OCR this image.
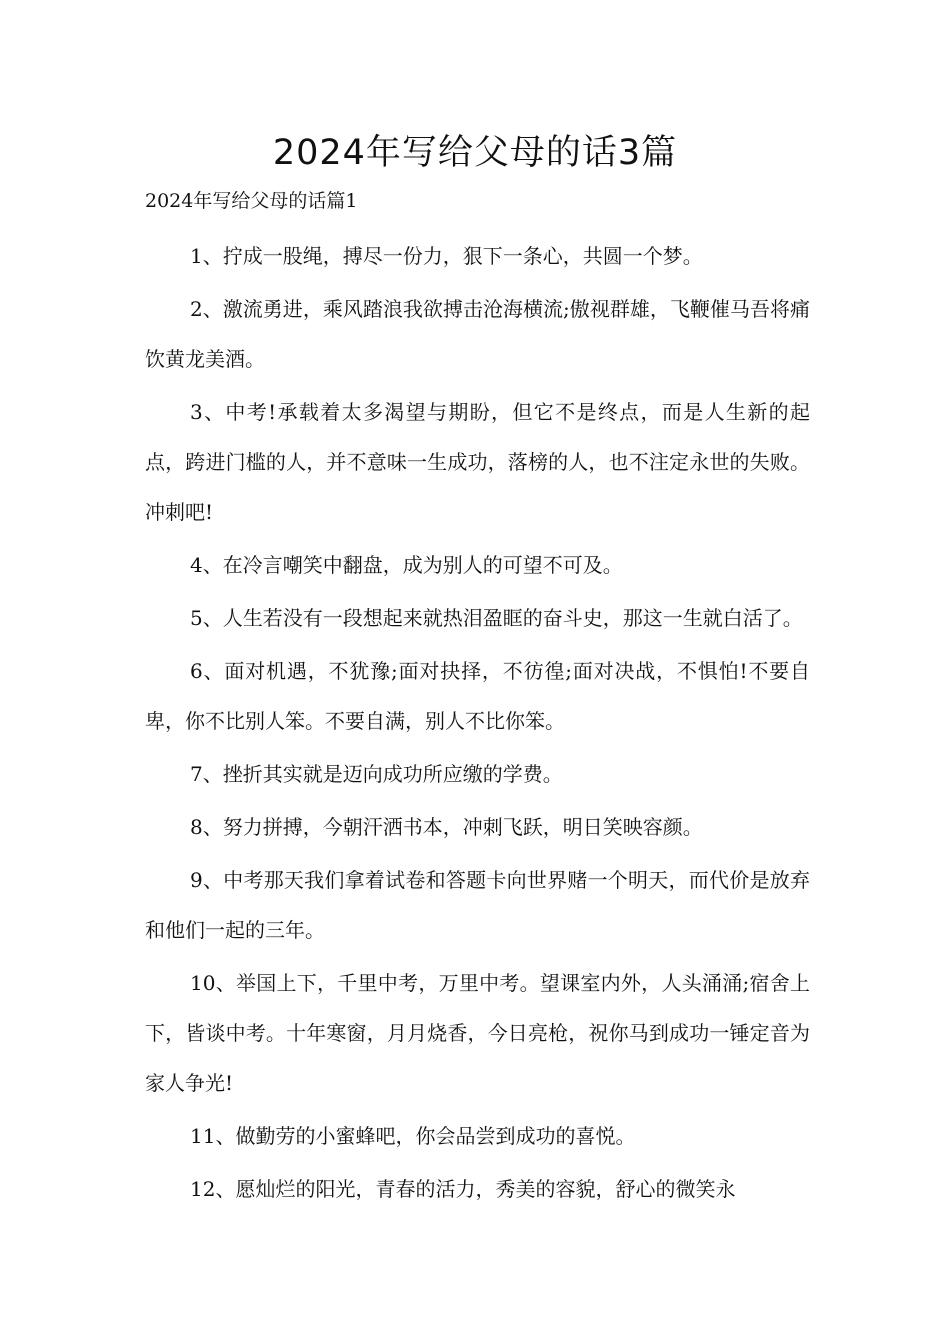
2024年写给父母的话3篇
2024年写给父母的话篇1

1、拧成一股绳，搏尽一份力，狠下一条心，共圆一个梦。

2、激流勇进，乘风踏浪我欲搏击沧海横流;傲视群雄，飞鞭催马吾将痛饮黄龙美酒。

3、中考!承载着太多渴望与期盼，但它不是终点，而是人生新的起点，跨进门槛的人，并不意味一生成功，落榜的人，也不注定永世的失败。冲刺吧!

4、在冷言嘲笑中翻盘，成为别人的可望不可及。

5、人生若没有一段想起来就热泪盈眶的奋斗史，那这一生就白活了。

6、面对机遇，不犹豫;面对抉择，不彷徨;面对决战，不惧怕!不要自卑，你不比别人笨。不要自满，别人不比你笨。

7、挫折其实就是迈向成功所应缴的学费。

8、努力拼搏，今朝汗洒书本，冲刺飞跃，明日笑映容颜。

9、中考那天我们拿着试卷和答题卡向世界赌一个明天，而代价是放弃和他们一起的三年。

10、举国上下，千里中考，万里中考。望课室内外，人头涌涌;宿舍上下，皆谈中考。十年寒窗，月月烧香，今日亮枪，祝你马到成功一锤定音为家人争光!

11、做勤劳的小蜜蜂吧，你会品尝到成功的喜悦。

12、愿灿烂的阳光，青春的活力，秀美的容貌，舒心的微笑永
